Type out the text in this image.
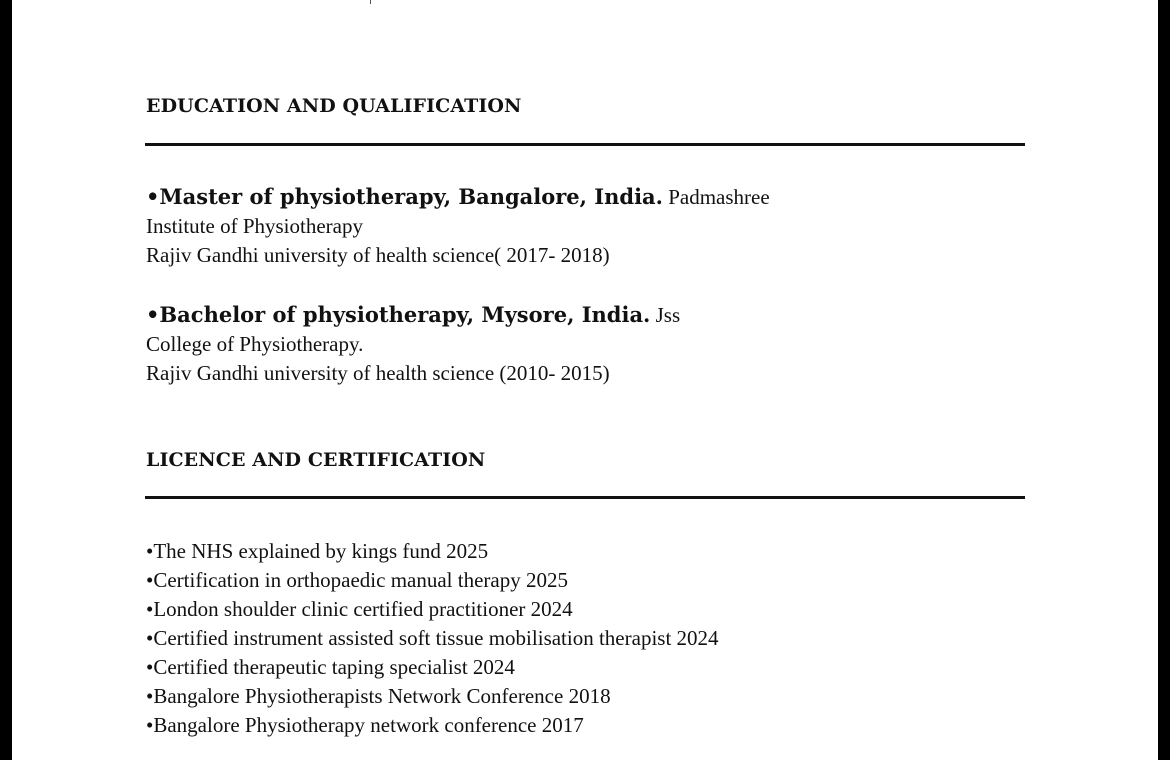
EDUCATION AND QUALIFICATION
•Master of physiotherapy, Bangalore, India. Padmashree
Institute of Physiotherapy
Rajiv Gandhi university of health science( 2017- 2018)
•Bachelor of physiotherapy, Mysore, India. Jss
College of Physiotherapy.
Rajiv Gandhi university of health science (2010- 2015)
LICENCE AND CERTIFICATION
•The NHS explained by kings fund 2025
•Certification in orthopaedic manual therapy 2025
•London shoulder clinic certified practitioner 2024
•Certified instrument assisted soft tissue mobilisation therapist 2024
•Certified therapeutic taping specialist 2024
•Bangalore Physiotherapists Network Conference 2018
•Bangalore Physiotherapy network conference 2017
